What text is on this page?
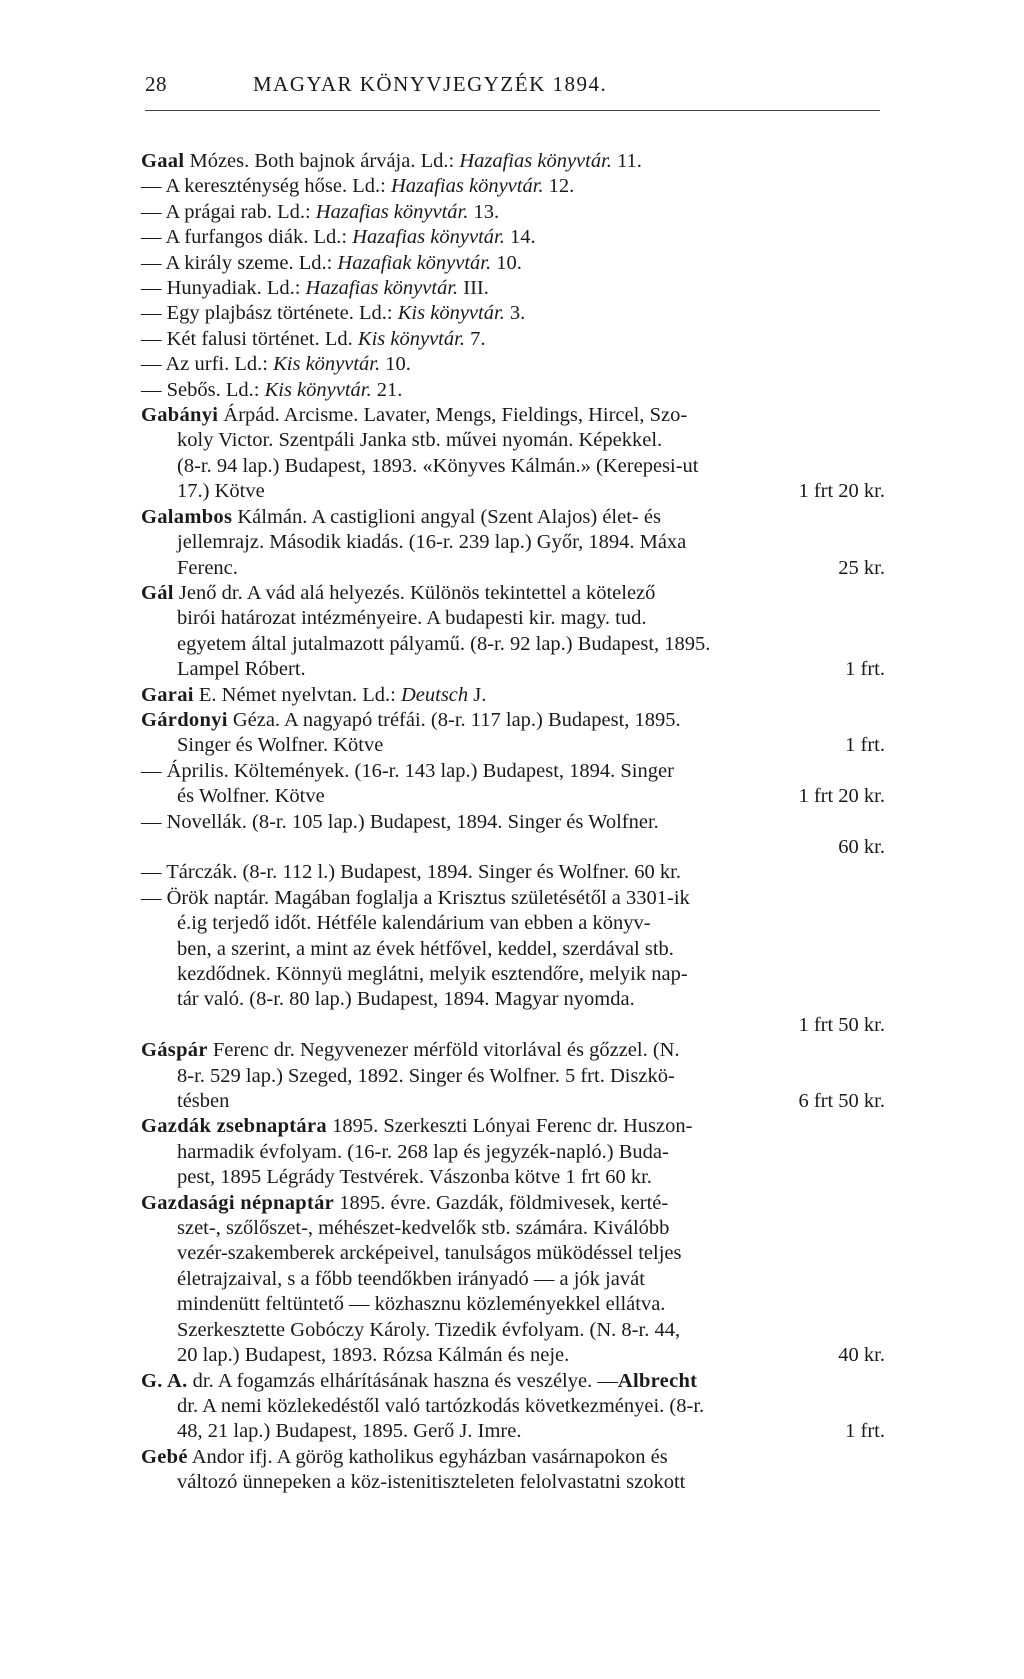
28	MAGYAR KÖNYVJEGYZÉK 1894.
Gaal Mózes. Both bajnok árvája. Ld.: Hazafias könyvtár. 11.
— A kereszténység hőse. Ld.: Hazafias könyvtár. 12.
— A prágai rab. Ld.: Hazafias könyvtár. 13.
— A furfangos diák. Ld.: Hazafias könyvtár. 14.
— A király szeme. Ld.: Hazafiak könyvtár. 10.
— Hunyadiak. Ld.: Hazafias könyvtár. III.
— Egy plajbász története. Ld.: Kis könyvtár. 3.
— Két falusi történet. Ld. Kis könyvtár. 7.
— Az urfi. Ld.: Kis könyvtár. 10.
— Sebős. Ld.: Kis könyvtár. 21.
Gabányi Árpád. Arcisme. Lavater, Mengs, Fieldings, Hircel, Szo-
koly Victor. Szentpáli Janka stb. művei nyomán. Képekkel.
(8-r. 94 lap.) Budapest, 1893. «Könyves Kálmán.» (Kerepesi-ut
17.) Kötve	1 frt 20 kr.
Galambos Kálmán. A castiglioni angyal (Szent Alajos) élet- és
jellemrajz. Második kiadás. (16-r. 239 lap.) Győr, 1894. Máxa
Ferenc.	25 kr.
Gál Jenő dr. A vád alá helyezés. Különös tekintettel a kötelező
birói határozat intézményeire. A budapesti kir. magy. tud.
egyetem által jutalmazott pályamű. (8-r. 92 lap.) Budapest, 1895.
Lampel Róbert.	1 frt.
Garai E. Német nyelvtan. Ld.: Deutsch J.
Gárdonyi Géza. A nagyapó tréfái. (8-r. 117 lap.) Budapest, 1895.
Singer és Wolfner. Kötve	1 frt.
— Április. Költemények. (16-r. 143 lap.) Budapest, 1894. Singer
és Wolfner. Kötve	1 frt 20 kr.
— Novellák. (8-r. 105 lap.) Budapest, 1894. Singer és Wolfner.
60 kr.
— Tárczák. (8-r. 112 l.) Budapest, 1894. Singer és Wolfner. 60 kr.
— Örök naptár. Magában foglalja a Krisztus születésétől a 3301-ik
é.ig terjedő időt. Hétféle kalendárium van ebben a könyv-
ben, a szerint, a mint az évek hétfővel, keddel, szerdával stb.
kezdődnek. Könnyü meglátni, melyik esztendőre, melyik nap-
tár való. (8-r. 80 lap.) Budapest, 1894. Magyar nyomda.
1 frt 50 kr.
Gáspár Ferenc dr. Negyvenezer mérföld vitorlával és gőzzel. (N.
8-r. 529 lap.) Szeged, 1892. Singer és Wolfner. 5 frt. Diszkö-
tésben	6 frt 50 kr.
Gazdák zsebnaptára 1895. Szerkeszti Lónyai Ferenc dr. Huszon-
harmadik évfolyam. (16-r. 268 lap és jegyzék-napló.) Buda-
pest, 1895 Légrády Testvérek. Vászonba kötve 1 frt 60 kr.
Gazdasági népnaptár 1895. évre. Gazdák, földmivesek, kerté-
szet-, szőlőszet-, méhészet-kedvelők stb. számára. Kiválóbb
vezér-szakemberek arcképeivel, tanulságos müködéssel teljes
életrajzaival, s a főbb teendőkben irányadó — a jók javát
mindenütt feltüntető — közhasznu közleményekkel ellátva.
Szerkesztette Gobóczy Károly. Tizedik évfolyam. (N. 8-r. 44,
20 lap.) Budapest, 1893. Rózsa Kálmán és neje.	40 kr.
G. A. dr. A fogamzás elhárításának haszna és veszélye. —Albrecht
dr. A nemi közlekedéstől való tartózkodás következményei. (8-r.
48, 21 lap.) Budapest, 1895. Gerő J. Imre.	1 frt.
Gebé Andor ifj. A görög katholikus egyházban vasárnapokon és
változó ünnepeken a köz-istenitiszteleten felolvastatni szokott
